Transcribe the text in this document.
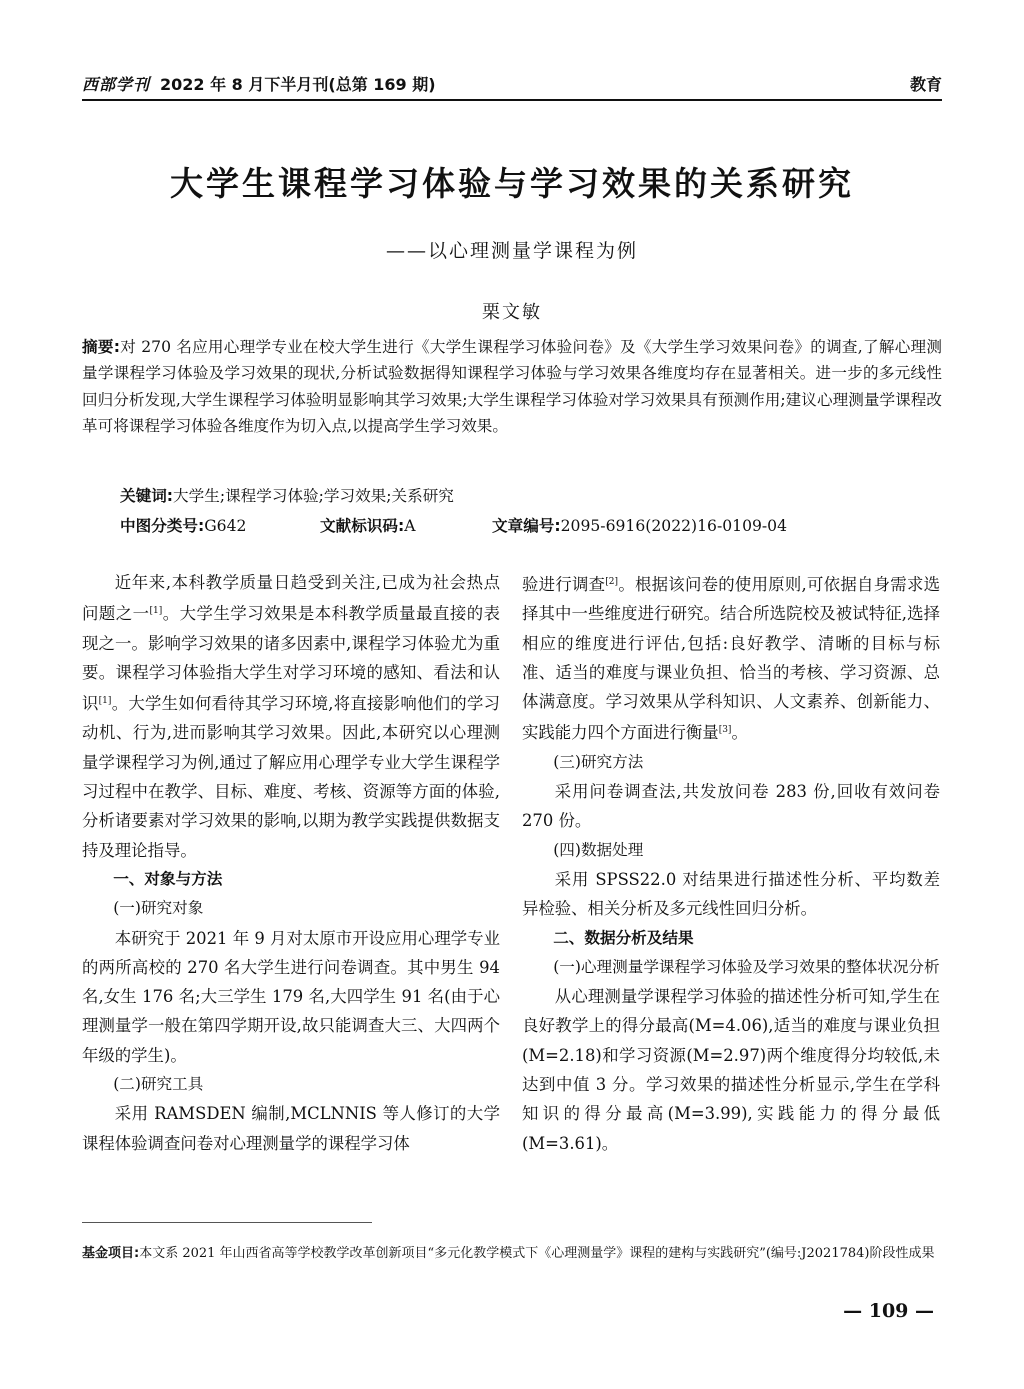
西部学刊 2022 年 8 月下半月刊(总第 169 期)	教育
大学生课程学习体验与学习效果的关系研究
——以心理测量学课程为例
栗文敏
摘要:对 270 名应用心理学专业在校大学生进行《大学生课程学习体验问卷》及《大学生学习效果问卷》的调查,了解心理测量学课程学习体验及学习效果的现状,分析试验数据得知课程学习体验与学习效果各维度均存在显著相关。进一步的多元线性回归分析发现,大学生课程学习体验明显影响其学习效果;大学生课程学习体验对学习效果具有预测作用;建议心理测量学课程改革可将课程学习体验各维度作为切入点,以提高学生学习效果。
关键词:大学生;课程学习体验;学习效果;关系研究
中图分类号:G642	文献标识码:A	文章编号:2095-6916(2022)16-0109-04

近年来,本科教学质量日趋受到关注,已成为社会热点问题之一[1]。大学生学习效果是本科教学质量最直接的表现之一。影响学习效果的诸多因素中,课程学习体验尤为重要。课程学习体验指大学生对学习环境的感知、看法和认识[1]。大学生如何看待其学习环境,将直接影响他们的学习动机、行为,进而影响其学习效果。因此,本研究以心理测量学课程学习为例,通过了解应用心理学专业大学生课程学习过程中在教学、目标、难度、考核、资源等方面的体验,分析诸要素对学习效果的影响,以期为教学实践提供数据支持及理论指导。

一、对象与方法

(一)研究对象

本研究于 2021 年 9 月对太原市开设应用心理学专业的两所高校的 270 名大学生进行问卷调查。其中男生 94 名,女生 176 名;大三学生 179 名,大四学生 91 名(由于心理测量学一般在第四学期开设,故只能调查大三、大四两个年级的学生)。

(二)研究工具

采用 RAMSDEN 编制,MCLNNIS 等人修订的大学课程体验调查问卷对心理测量学的课程学习体

验进行调查[2]。根据该问卷的使用原则,可依据自身需求选择其中一些维度进行研究。结合所选院校及被试特征,选择相应的维度进行评估,包括:良好教学、清晰的目标与标准、适当的难度与课业负担、恰当的考核、学习资源、总体满意度。学习效果从学科知识、人文素养、创新能力、实践能力四个方面进行衡量[3]。

(三)研究方法

采用问卷调查法,共发放问卷 283 份,回收有效问卷 270 份。

(四)数据处理

采用 SPSS22.0 对结果进行描述性分析、平均数差异检验、相关分析及多元线性回归分析。

二、数据分析及结果

(一)心理测量学课程学习体验及学习效果的整体状况分析

从心理测量学课程学习体验的描述性分析可知,学生在良好教学上的得分最高(M=4.06),适当的难度与课业负担(M=2.18)和学习资源(M=2.97)两个维度得分均较低,未达到中值 3 分。学习效果的描述性分析显示,学生在学科知识的得分最高(M=3.99),实践能力的得分最低(M=3.61)。

基金项目:本文系 2021 年山西省高等学校教学改革创新项目“多元化教学模式下《心理测量学》课程的建构与实践研究”(编号:J2021784)阶段性成果
— 109 —
